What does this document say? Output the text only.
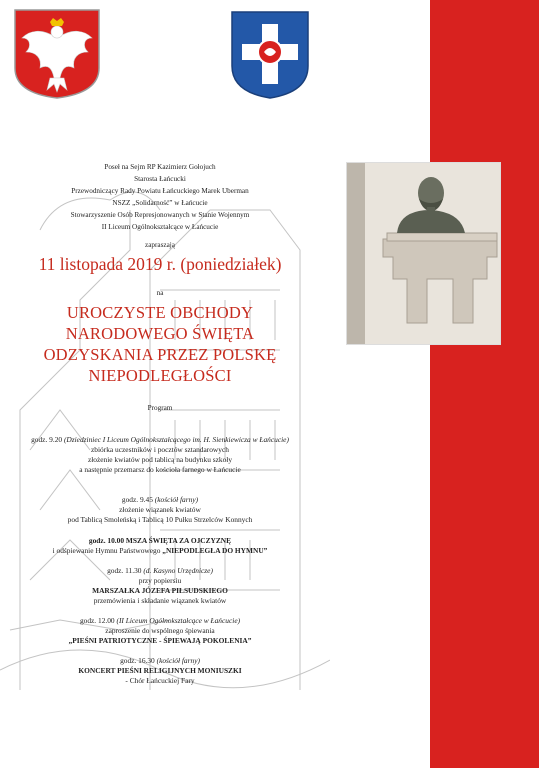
Poseł na Sejm RP Kazimierz Gołojuch
Starosta Łańcucki
Przewodniczący Rady Powiatu Łańcuckiego Marek Uberman
NSZZ „Solidarność” w Łańcucie
Stowarzyszenie Osób Represjonowanych w Stanie Wojennym
II Liceum Ogólnokształcące w Łańcucie
zapraszają
11 listopada 2019 r. (poniedziałek)
na
UROCZYSTE OBCHODY
NARODOWEGO ŚWIĘTA
ODZYSKANIA PRZEZ POLSKĘ
NIEPODLEGŁOŚCI
Program
godz. 9.20 (Dziedziniec I Liceum Ogólnokształcącego im. H. Sienkiewicza w Łańcucie)
zbiórka uczestników i pocztów sztandarowych
złożenie kwiatów pod tablicą na budynku szkoły
a następnie przemarsz do kościoła farnego w Łańcucie
godz. 9.45 (kościół farny)
złożenie wiązanek kwiatów
pod Tablicą Smoleńską i Tablicą 10 Pułku Strzelców Konnych
godz. 10.00 MSZA ŚWIĘTA ZA OJCZYZNĘ
i odśpiewanie Hymnu Państwowego „NIEPODLEGŁA DO HYMNU”
godz. 11.30 (d. Kasyno Urzędnicze)
przy popiersiu
MARSZAŁKA JÓZEFA PIŁSUDSKIEGO
przemówienia i składanie wiązanek kwiatów
godz. 12.00 (II Liceum Ogólnokształcące w Łańcucie)
zaproszenie do wspólnego śpiewania
„PIEŚNI PATRIOTYCZNE - ŚPIEWAJĄ POKOLENIA”
godz. 16.30 (kościół farny)
KONCERT PIEŚNI RELIGIJNYCH MONIUSZKI
- Chór Łańcuckiej Fary
